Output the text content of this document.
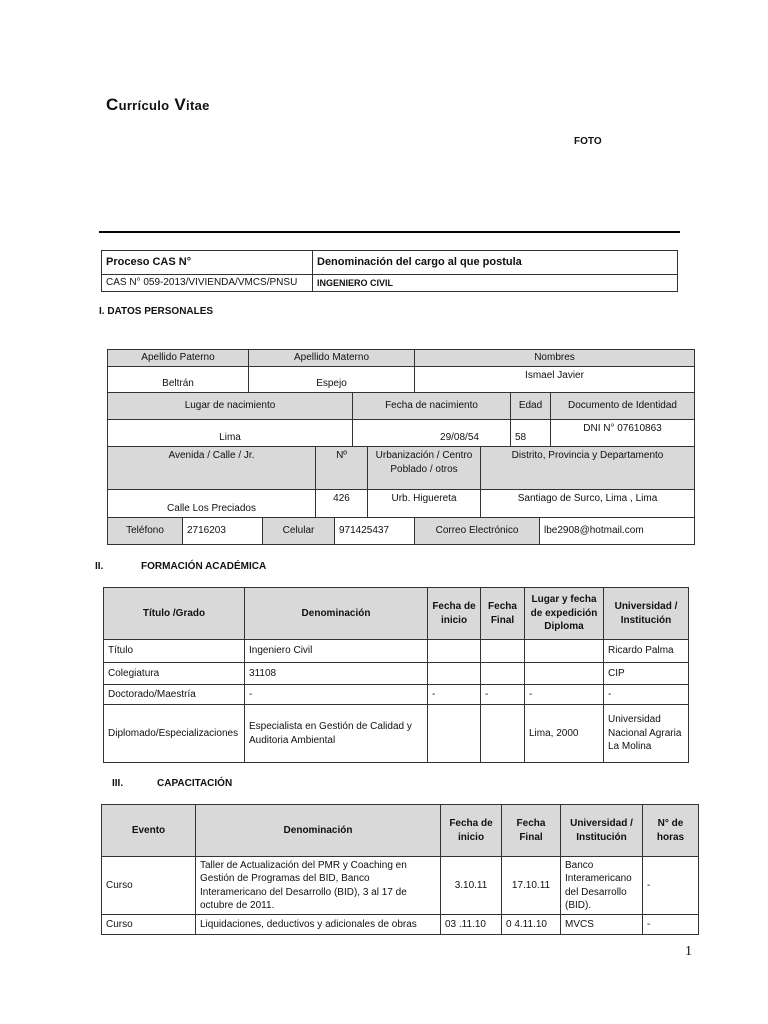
Currículo Vitae
FOTO
Proceso CAS N°	Denominación del cargo al que postula
CAS N° 059-2013/VIVIENDA/VMCS/PNSU	INGENIERO CIVIL
I. DATOS PERSONALES
Apellido Paterno	Apellido Materno	Nombres
Beltrán	Espejo	Ismael Javier
Lugar de nacimiento	Fecha de nacimiento	Edad	Documento de Identidad
Lima	29/08/54	58	DNI N° 07610863
Avenida / Calle / Jr.	Nº	Urbanización / Centro Poblado / otros	Distrito, Provincia y Departamento
Calle Los Preciados	426	Urb. Higuereta	Santiago de Surco, Lima , Lima
Teléfono	2716203	Celular	971425437	Correo Electrónico	lbe2908@hotmail.com
II.	FORMACIÓN ACADÉMICA
Título /Grado	Denominación	Fecha de inicio	Fecha Final	Lugar y fecha de expedición Diploma	Universidad / Institución
Título	Ingeniero Civil				Ricardo Palma
Colegiatura	31108				CIP
Doctorado/Maestría	-	-	-	-	-
Diplomado/Especializaciones	Especialista en Gestión de Calidad y Auditoria Ambiental			Lima, 2000	Universidad Nacional Agraria La Molina
III.	CAPACITACIÓN
Evento	Denominación	Fecha de inicio	Fecha Final	Universidad / Institución	N° de horas
Curso	Taller de Actualización del PMR y Coaching en Gestión de Programas del BID, Banco Interamericano del Desarrollo (BID), 3 al 17 de octubre de 2011.	3.10.11	17.10.11	Banco Interamericano del Desarrollo (BID).	-
Curso	Liquidaciones, deductivos y adicionales de obras	03 .11.10	0 4.11.10	MVCS	-
1
